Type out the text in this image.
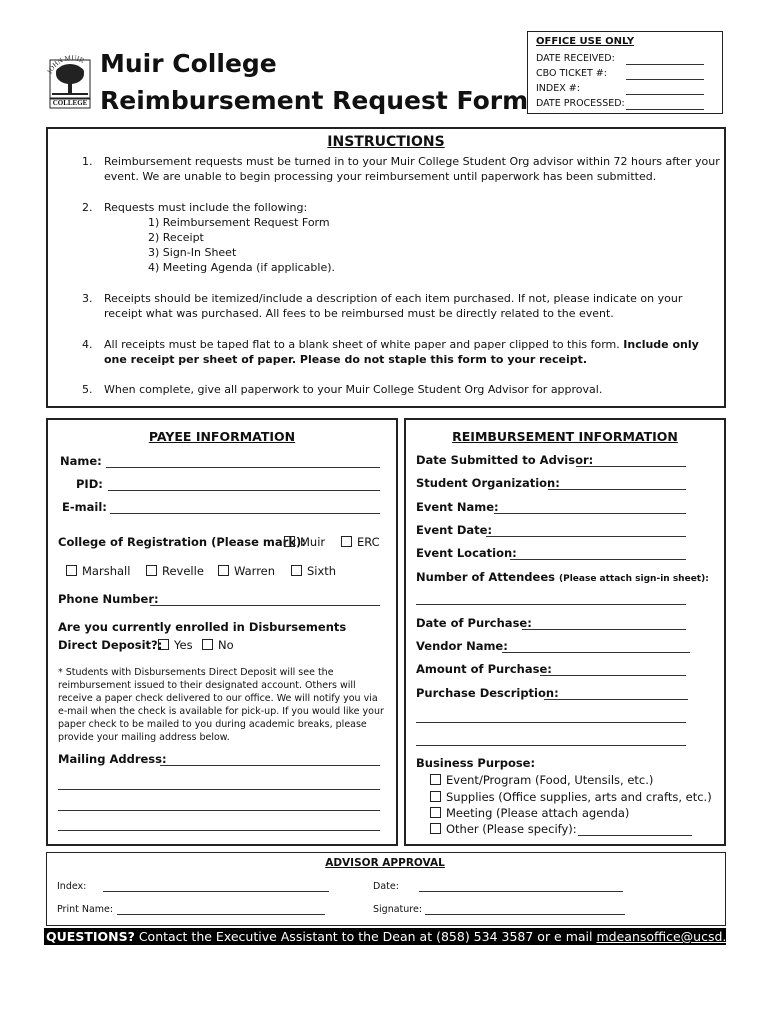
JOHN MUIR
COLLEGE
Muir College
Reimbursement Request Form
OFFICE USE ONLY
DATE RECEIVED:
CBO TICKET #:
INDEX #:
DATE PROCESSED:
INSTRUCTIONS
1. Reimbursement requests must be turned in to your Muir College Student Org advisor within 72 hours after your event. We are unable to begin processing your reimbursement until paperwork has been submitted.
2. Requests must include the following:
1) Reimbursement Request Form
2) Receipt
3) Sign-In Sheet
4) Meeting Agenda (if applicable).
3. Receipts should be itemized/include a description of each item purchased. If not, please indicate on your receipt what was purchased. All fees to be reimbursed must be directly related to the event.
4. All receipts must be taped flat to a blank sheet of white paper and paper clipped to this form. Include only one receipt per sheet of paper. Please do not staple this form to your receipt.
5. When complete, give all paperwork to your Muir College Student Org Advisor for approval.
PAYEE INFORMATION
Name:
PID:
E-mail:
College of Registration (Please mark):
Muir	ERC
Marshall	Revelle	Warren	Sixth
Phone Number:
Are you currently enrolled in Disbursements
Direct Deposit?:	Yes	No
* Students with Disbursements Direct Deposit will see the reimbursement issued to their designated account. Others will receive a paper check delivered to our office. We will notify you via e-mail when the check is available for pick-up. If you would like your paper check to be mailed to you during academic breaks, please provide your mailing address below.
Mailing Address:
REIMBURSEMENT INFORMATION
Date Submitted to Advisor:
Student Organization:
Event Name:
Event Date:
Event Location:
Number of Attendees (Please attach sign-in sheet):
Date of Purchase:
Vendor Name:
Amount of Purchase:
Purchase Description:
Business Purpose:
Event/Program (Food, Utensils, etc.)
Supplies (Office supplies, arts and crafts, etc.)
Meeting (Please attach agenda)
Other (Please specify):
ADVISOR APPROVAL
Index:	Date:
Print Name:	Signature:
QUESTIONS? Contact the Executive Assistant to the Dean at (858) 534 3587 or e mail mdeansoffice@ucsd.edu
